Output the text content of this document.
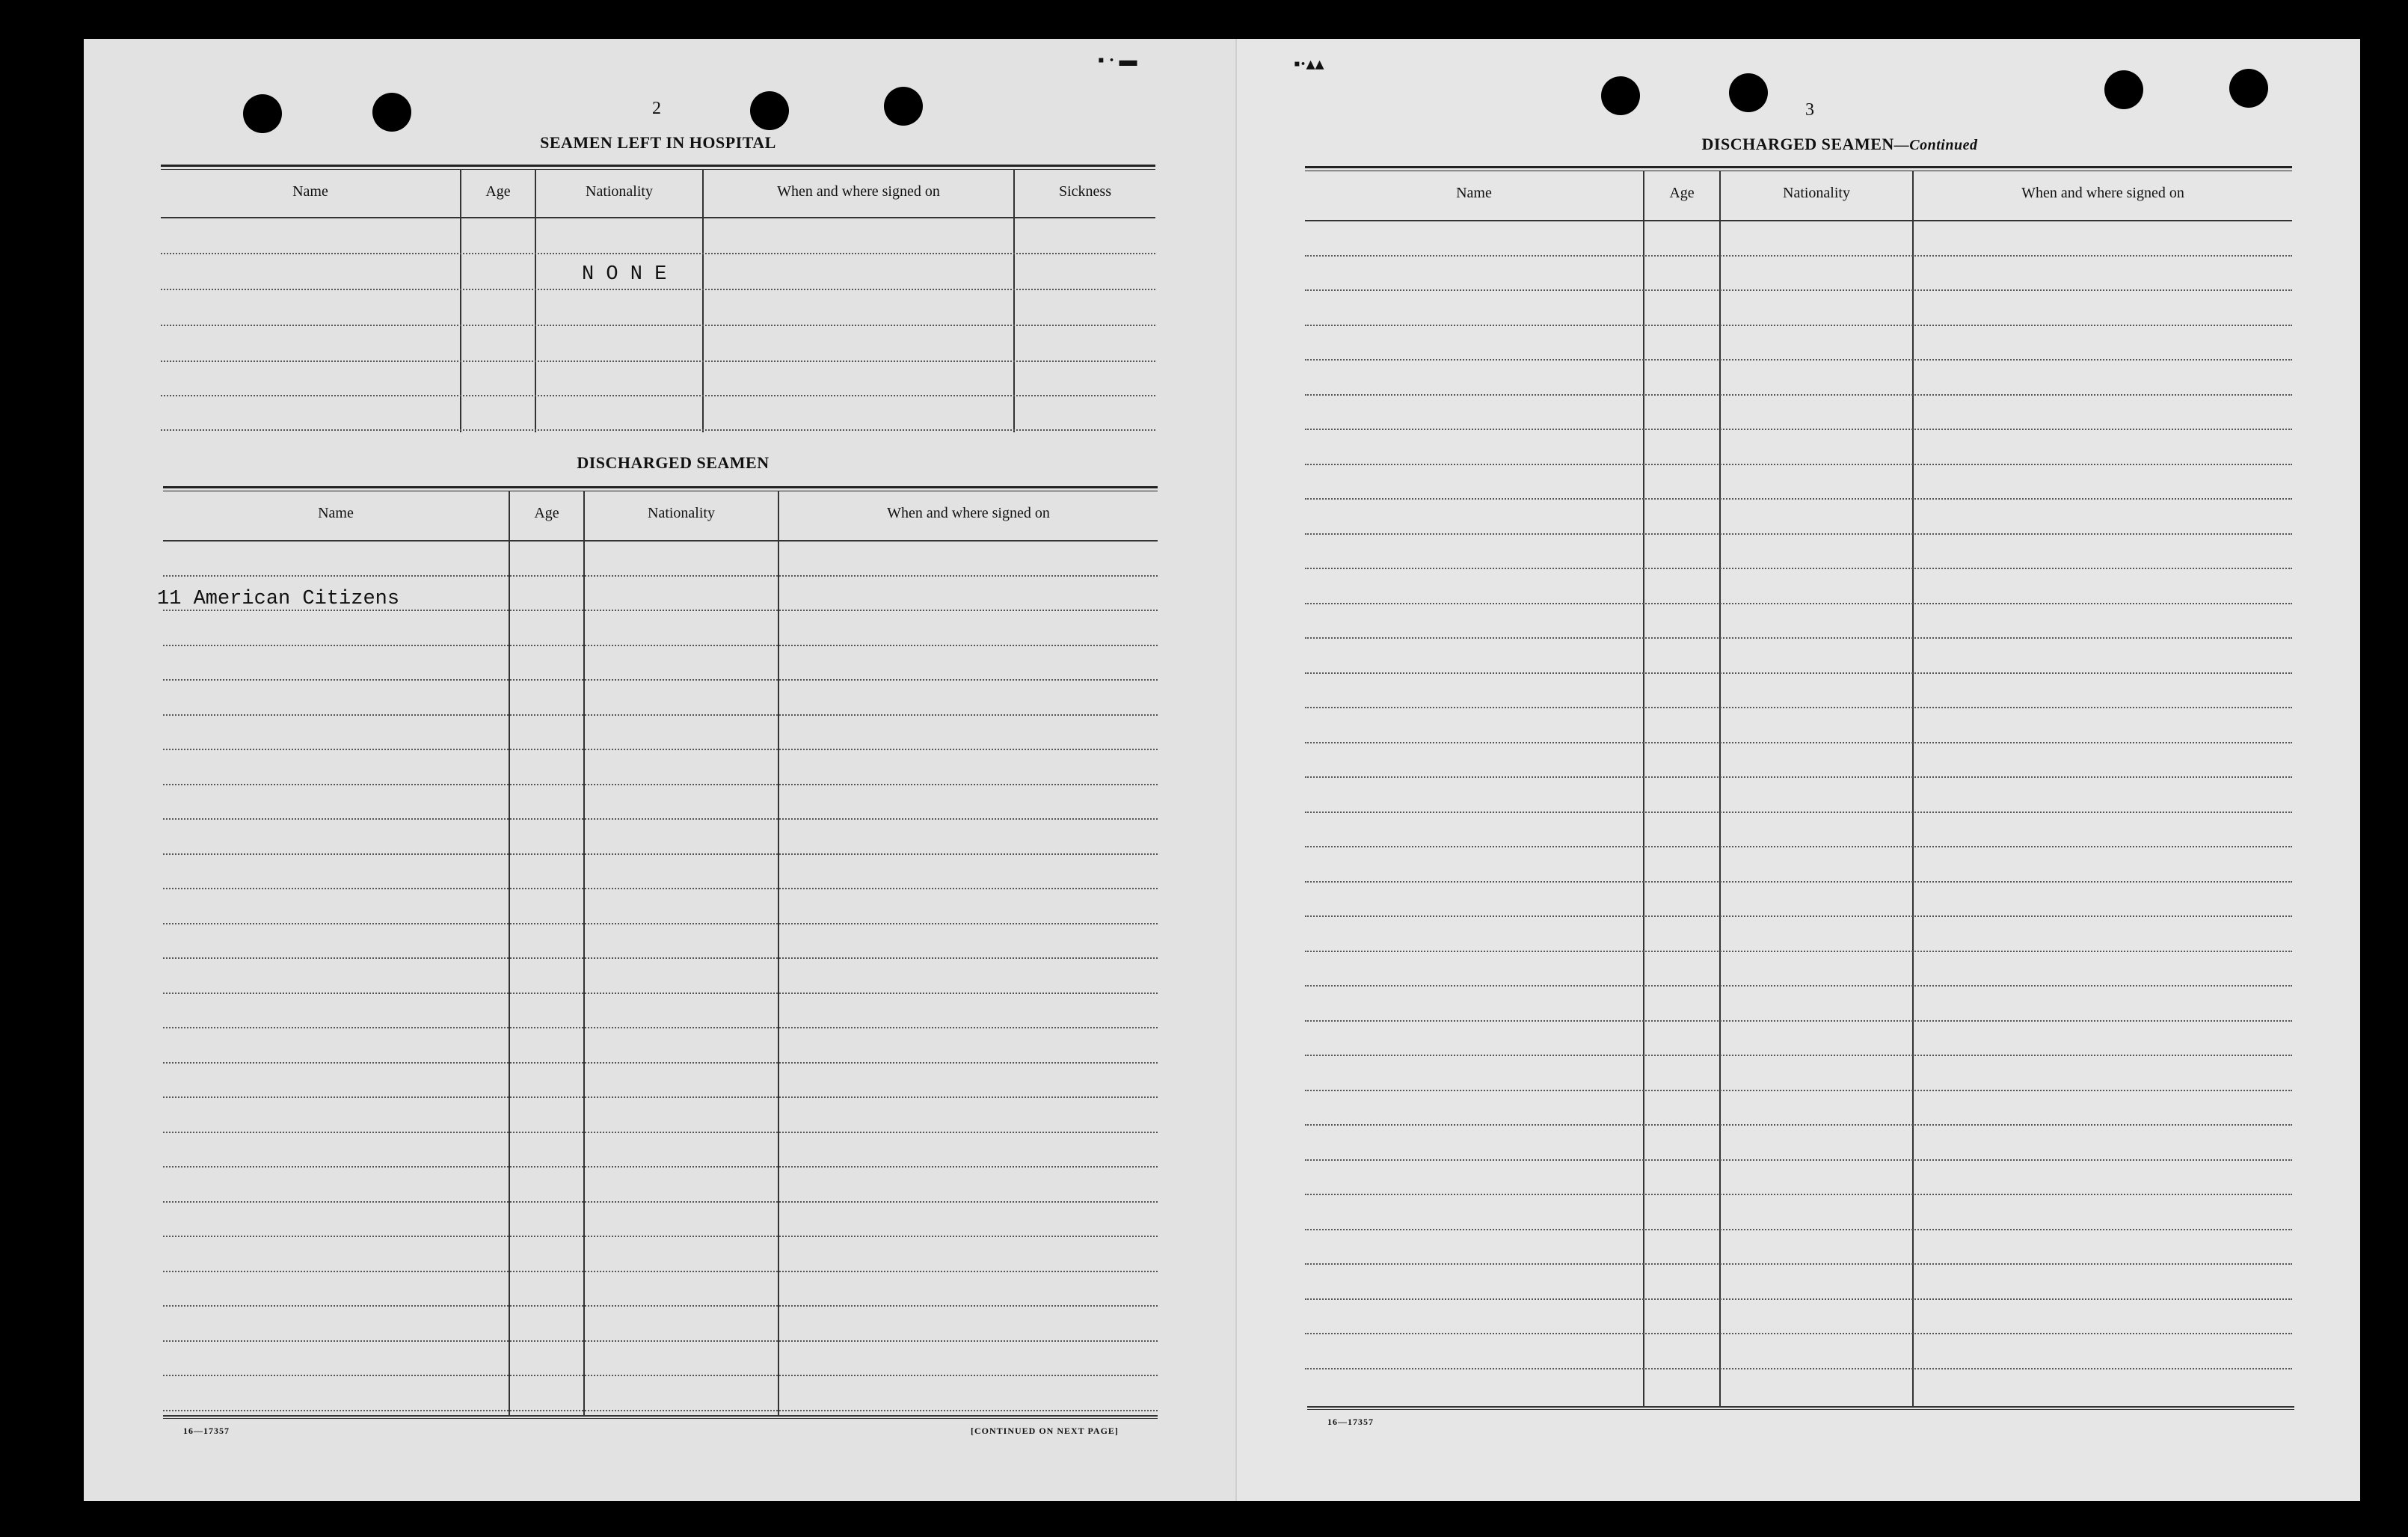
▪ · ▬	▪·▴▴
2
SEAMEN LEFT IN HOSPITAL
Name	Age	Nationality	When and where signed on	Sickness
N O N E
DISCHARGED SEAMEN
Name	Age	Nationality	When and where signed on
11 American Citizens
16—17357	[CONTINUED ON NEXT PAGE]
3
DISCHARGED SEAMEN—Continued
Name	Age	Nationality	When and where signed on
16—17357
